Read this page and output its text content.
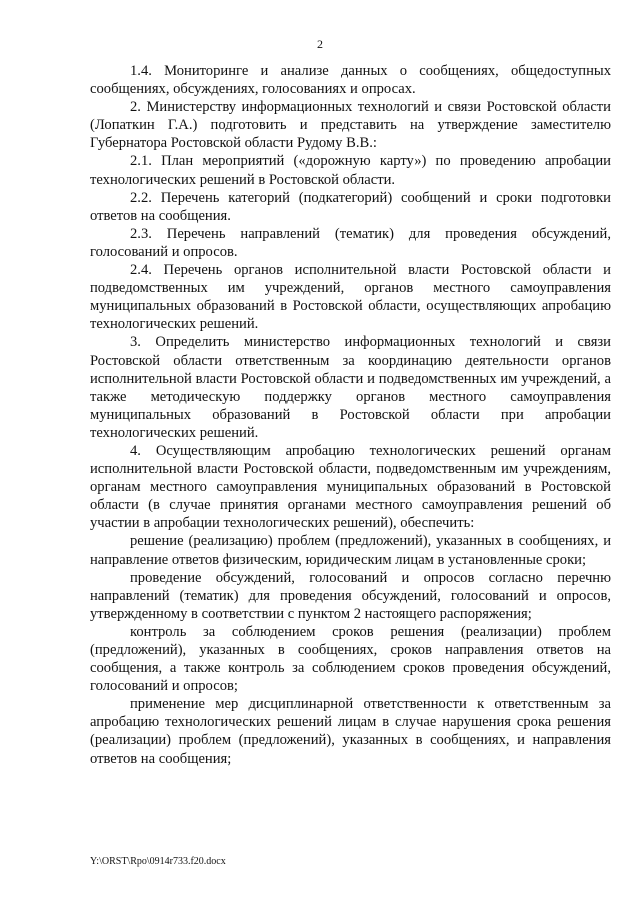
2

1.4. Мониторинге и анализе данных о сообщениях, общедоступных сообщениях, обсуждениях, голосованиях и опросах.

2. Министерству информационных технологий и связи Ростовской области (Лопаткин Г.А.) подготовить и представить на утверждение заместителю Губернатора Ростовской области Рудому В.В.:

2.1. План мероприятий («дорожную карту») по проведению апробации технологических решений в Ростовской области.

2.2. Перечень категорий (подкатегорий) сообщений и сроки подготовки ответов на сообщения.

2.3. Перечень направлений (тематик) для проведения обсуждений, голосований и опросов.

2.4. Перечень органов исполнительной власти Ростовской области и подведомственных им учреждений, органов местного самоуправления муниципальных образований в Ростовской области, осуществляющих апробацию технологических решений.

3. Определить министерство информационных технологий и связи Ростовской области ответственным за координацию деятельности органов исполнительной власти Ростовской области и подведомственных им учреждений, а также методическую поддержку органов местного самоуправления муниципальных образований в Ростовской области при апробации технологических решений.

4. Осуществляющим апробацию технологических решений органам исполнительной власти Ростовской области, подведомственным им учреждениям, органам местного самоуправления муниципальных образований в Ростовской области (в случае принятия органами местного самоуправления решений об участии в апробации технологических решений), обеспечить:

решение (реализацию) проблем (предложений), указанных в сообщениях, и направление ответов физическим, юридическим лицам в установленные сроки;

проведение обсуждений, голосований и опросов согласно перечню направлений (тематик) для проведения обсуждений, голосований и опросов, утвержденному в соответствии с пунктом 2 настоящего распоряжения;

контроль за соблюдением сроков решения (реализации) проблем (предложений), указанных в сообщениях, сроков направления ответов на сообщения, а также контроль за соблюдением сроков проведения обсуждений, голосований и опросов;

применение мер дисциплинарной ответственности к ответственным за апробацию технологических решений лицам в случае нарушения срока решения (реализации) проблем (предложений), указанных в сообщениях, и направления ответов на сообщения;

Y:\ORST\Rpo\0914r733.f20.docx
